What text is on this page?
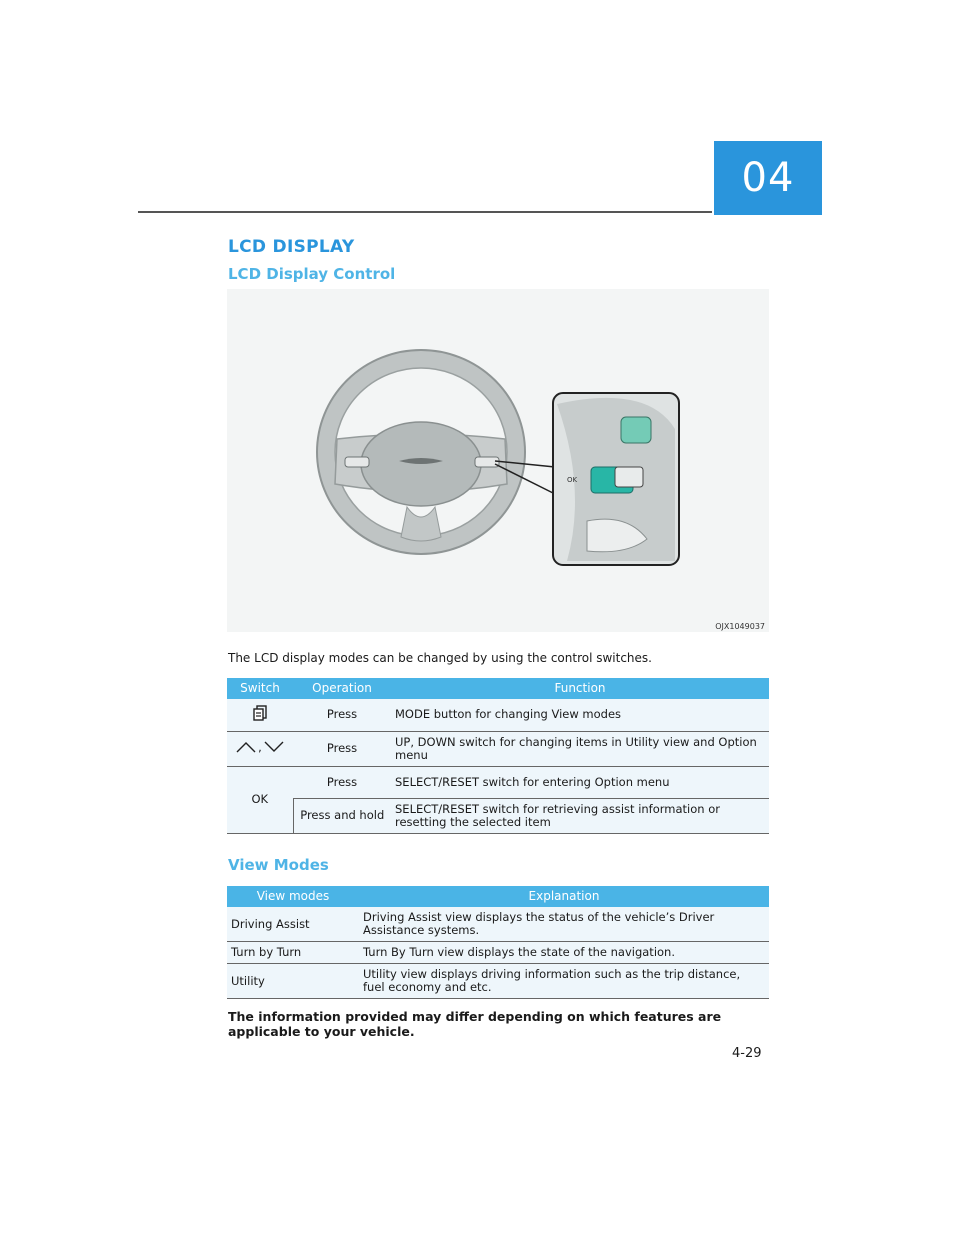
04
LCD DISPLAY
LCD Display Control
OK
OJX1049037

The LCD display modes can be changed by using the control switches.

Switch	Operation	Function
	Press	MODE button for changing View modes

,	Press	UP, DOWN switch for changing items in Utility view and Option menu
OK	Press	SELECT/RESET switch for entering Option menu
	Press and hold	SELECT/RESET switch for retrieving assist information or resetting the selected item
View Modes
View modes	Explanation
Driving Assist	Driving Assist view displays the status of the vehicle’s Driver Assistance systems.
Turn by Turn	Turn By Turn view displays the state of the navigation.
Utility	Utility view displays driving information such as the trip distance, fuel economy and etc.

The information provided may differ depending on which features are applicable to your vehicle.

4-29
